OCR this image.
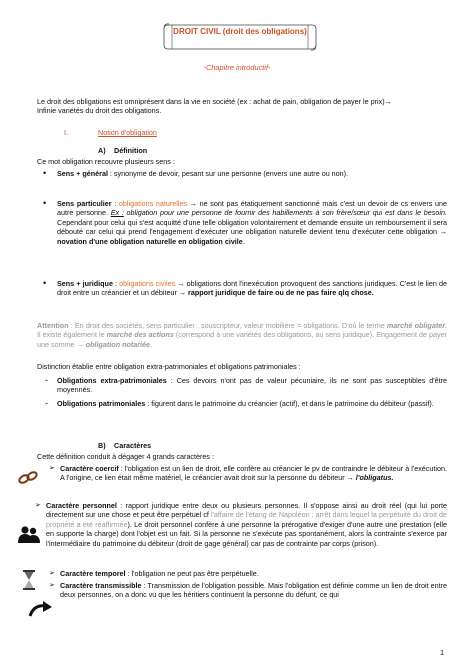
DROIT CIVIL (droit des obligations)
-Chapitre introductif-
Le droit des obligations est omniprésent dans la vie en société (ex : achat de pain, obligation de payer le prix)→
Infinie variétés du droit des obligations.
I.	Notion d'obligation
A) Définition
Ce mot obligation recouvre plusieurs sens :
• Sens + général : synonyme de devoir, pesant sur une personne (envers une autre ou non).
• Sens particulier : obligations naturelles → ne sont pas étatiquement sanctionné mais c'est un devoir de cs envers une autre personne. Ex : obligation pour une personne de fournir des habillements à son frère/sœur qui est dans le besoin. Cependant pour celui qui s'est acquitté d'une telle obligation volontairement et demande ensuite un remboursement il sera débouté car celui qui prend l'engagement d'exécuter une obligation naturelle devient tenu d'exécuter cette obligation → novation d'une obligation naturelle en obligation civile.
• Sens + juridique : obligations civiles → obligations dont l'inexécution provoquent des sanctions juridiques. C'est le lien de droit entre un créancier et un débiteur → rapport juridique de faire ou de ne pas faire qlq chose.
Attention : En droit des sociétés, sens particulier : souscripteur, valeur mobilière = obligations. D'où le terme marché obligater. Il existe également le marché des actions (correspond à une variétés des obligations, au sens juridique). Engagement de payer une somme → obligation notariée.
Distinction établie entre obligation extra-patrimoniales et obligations patrimoniales :
- Obligations extra-patrimoniales : Ces devoirs n'ont pas de valeur pécuniaire, ils ne sont pas susceptibles d'être moyennés.
- Obligations patrimoniales : figurent dans le patrimoine du créancier (actif), et dans le patrimoine du débiteur (passif).
B) Caractères
Cette définition conduit à dégager 4 grands caractères :
➢ Caractère coercif : l'obligation est un lien de droit, elle confère au créancier le pv de contraindre le débiteur à l'exécution. A l'origine, ce lien était même matériel, le créancier avait droit sur la personne du débiteur → l'obligatus.
➢ Caractère personnel : rapport juridique entre deux ou plusieurs personnes. Il s'oppose ainsi au droit réel (qui lui porte directement sur une chose et peut être perpétuel cf l'affaire de l'étang de Napoléon : arrêt dans lequel la perpétuité du droit de propriété a été réaffirmée). Le droit personnel confère à une personne la prérogative d'exiger d'une autre une prestation (elle en supporte la charge) dont l'objet est un fait. Si la personne ne s'exécute pas spontanément, alors la contrainte s'exerce par l'intermédiaire du patrimoine du débiteur (droit de gage général) car pas de contrainte par corps (prison).
➢ Caractère temporel : l'obligation ne peut pas être perpétuelle.
➢ Caractère transmissible : Transmission de l'obligation possible. Mais l'obligation est définie comme un lien de droit entre deux personnes, on a donc vu que les héritiers continuent la personne du défunt, ce qui
1
